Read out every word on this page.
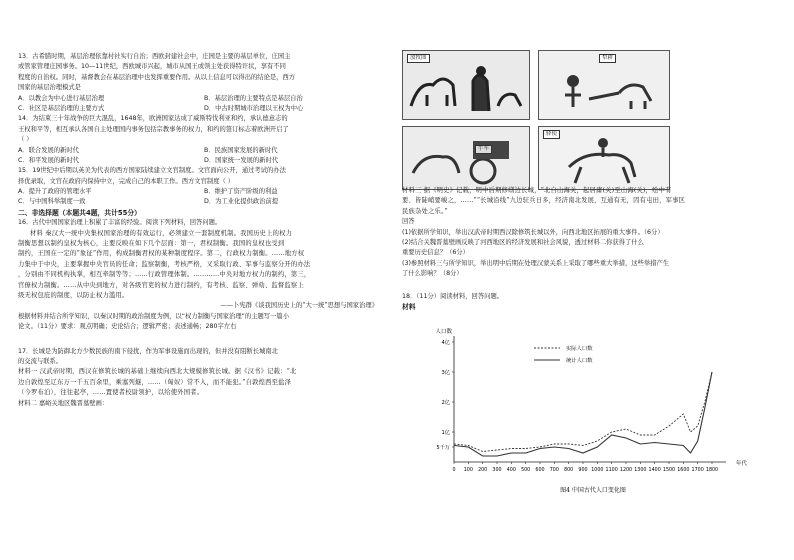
13．古希腊时期，基层治理依靠村社实行自治；西欧封建社会中，庄园是主要的基层单位，庄园主
或管家管理庄园事务。10—11世纪，西欧城市兴起，城市从国王或领主处获得特许状，享有不同
程度的自治权。同时，基督教会在基层治理中也发挥重要作用。从以上信息可以得出的结论是，西方
国家的基层治理模式是
A．以教会为中心进行基层治理	B．基层治理的主要特点是基层自治
C．社区是基层治理的主要方式	D．中古时期城市治理以王权为中心
14．为结束三十年战争的巨大混乱，1648年，欧洲国家达成了威斯特伐利亚和约，承认德意志的
王权和平等，相互承认各国自主处理国内事务包括宗教事务的权力，和约的签订标志着欧洲开启了
（ ）
A．联合发展的新时代	B．民族国家发展的新时代
C．和平发展的新时代	D．国家统一发展的新时代
15．19世纪中后期以英美为代表的西方国家陆续建立文官制度。文官面向公开，通过考试的办法
择优录取，文官在政府内保持中立，完成自己的本职工作。西方文官制度（ ）
A．提升了政府的管理水平	B．维护了资产阶级的利益
C．与中国科举制度一致	D．为工业化提供政治前提
二、非选择题（本题共4题，共计55分）
16．古代中国国家治理上积累了丰富的经验。阅读下列材料，回答问题。
材料 秦汉大一统中央集权国家治理的有效运行，必须建立一套制度机制。我国历史上的权力
制衡思想以制约皇权为核心，主要反映在如下几个层面：第一，君权制衡。我国的皇权也受到
制约，王国在一定的“象征”作用，构成制衡君权的某种制度程序。第二，行政权力制衡。……地方权
力集中于中央，主要掌握中央官员的任命；监察制衡，考核严格，又采取行政、军事与监察分开的办法
，分别由不同机构执掌，相互牵制等等；……行政管理体制。…………中央对地方权力的制约，第三，
官僚权力制衡。……从中央到地方，对各级官吏的权力进行制约，有考核、监察、弹劾、监督监察上
级无权包庇的制度，以防止权力滥用。
——卜宪群《谈我国历史上的“大一统”思想与国家治理》
根据材料并结合所学知识，以秦汉时期的政治制度为例，以“权力制衡与国家治理”的主题写一篇小
论文。（11分）要求：观点明确；史论结合；逻辑严密；表述通畅；280字左右
17．长城是为防御北方少数民族的南下侵扰，作为军事设施而出现的，但并没有阻断长城南北
的交流与联系。
材料一 汉武帝时期，西汉在修筑长城的基础上继续向西北大规模修筑长城。据《汉书》记载：“北
边自敦煌至辽东万一千五百余里，乘塞列燧，……（匈奴）常不入，而不能犯。”自敦煌西至盐泽
（今罗布泊），往往起亭，……置使者校尉领护，以给使外国者。
材料二 嘉峪关地区魏晋墓壁画：
放牧图	犁耕
牛车
驿使
材料三 据《明史》记载，明中后期修缮边长城，“北自山海关，起居庸(关)至山海(关)，绘中有
要、皆陡峭要峻之，……”“长城沿线”九边驻兵日多，经济南北发展，互通有无，因有屯田，军事区
民族杂处之乐。”
回答
(1)依据所学知识，举出汉武帝时期西汉除修筑长城以外，向西北地区拓展的重大事件。（6分）
(2)结合关魏晋墓壁画反映了河西地区的经济发展和社会风貌，透过材料二你获得了什么
重要历史信息？（6分）
(3)参照材料三与所学知识，举出明中后期在处理汉蒙关系上采取了哪些重大举措，这些举措产生
了什么影响？（8分）
18．（11分）阅读材料，回答问题。
材料
人口数
年代
5千万
1亿
2亿
3亿
4亿
0 100 200 300 400 500 600 700 800 900 1000 1100 1200 1300 1400 1500 1600 1700 1800
实际人口数
统计人口数
图4 中国古代人口变化图
